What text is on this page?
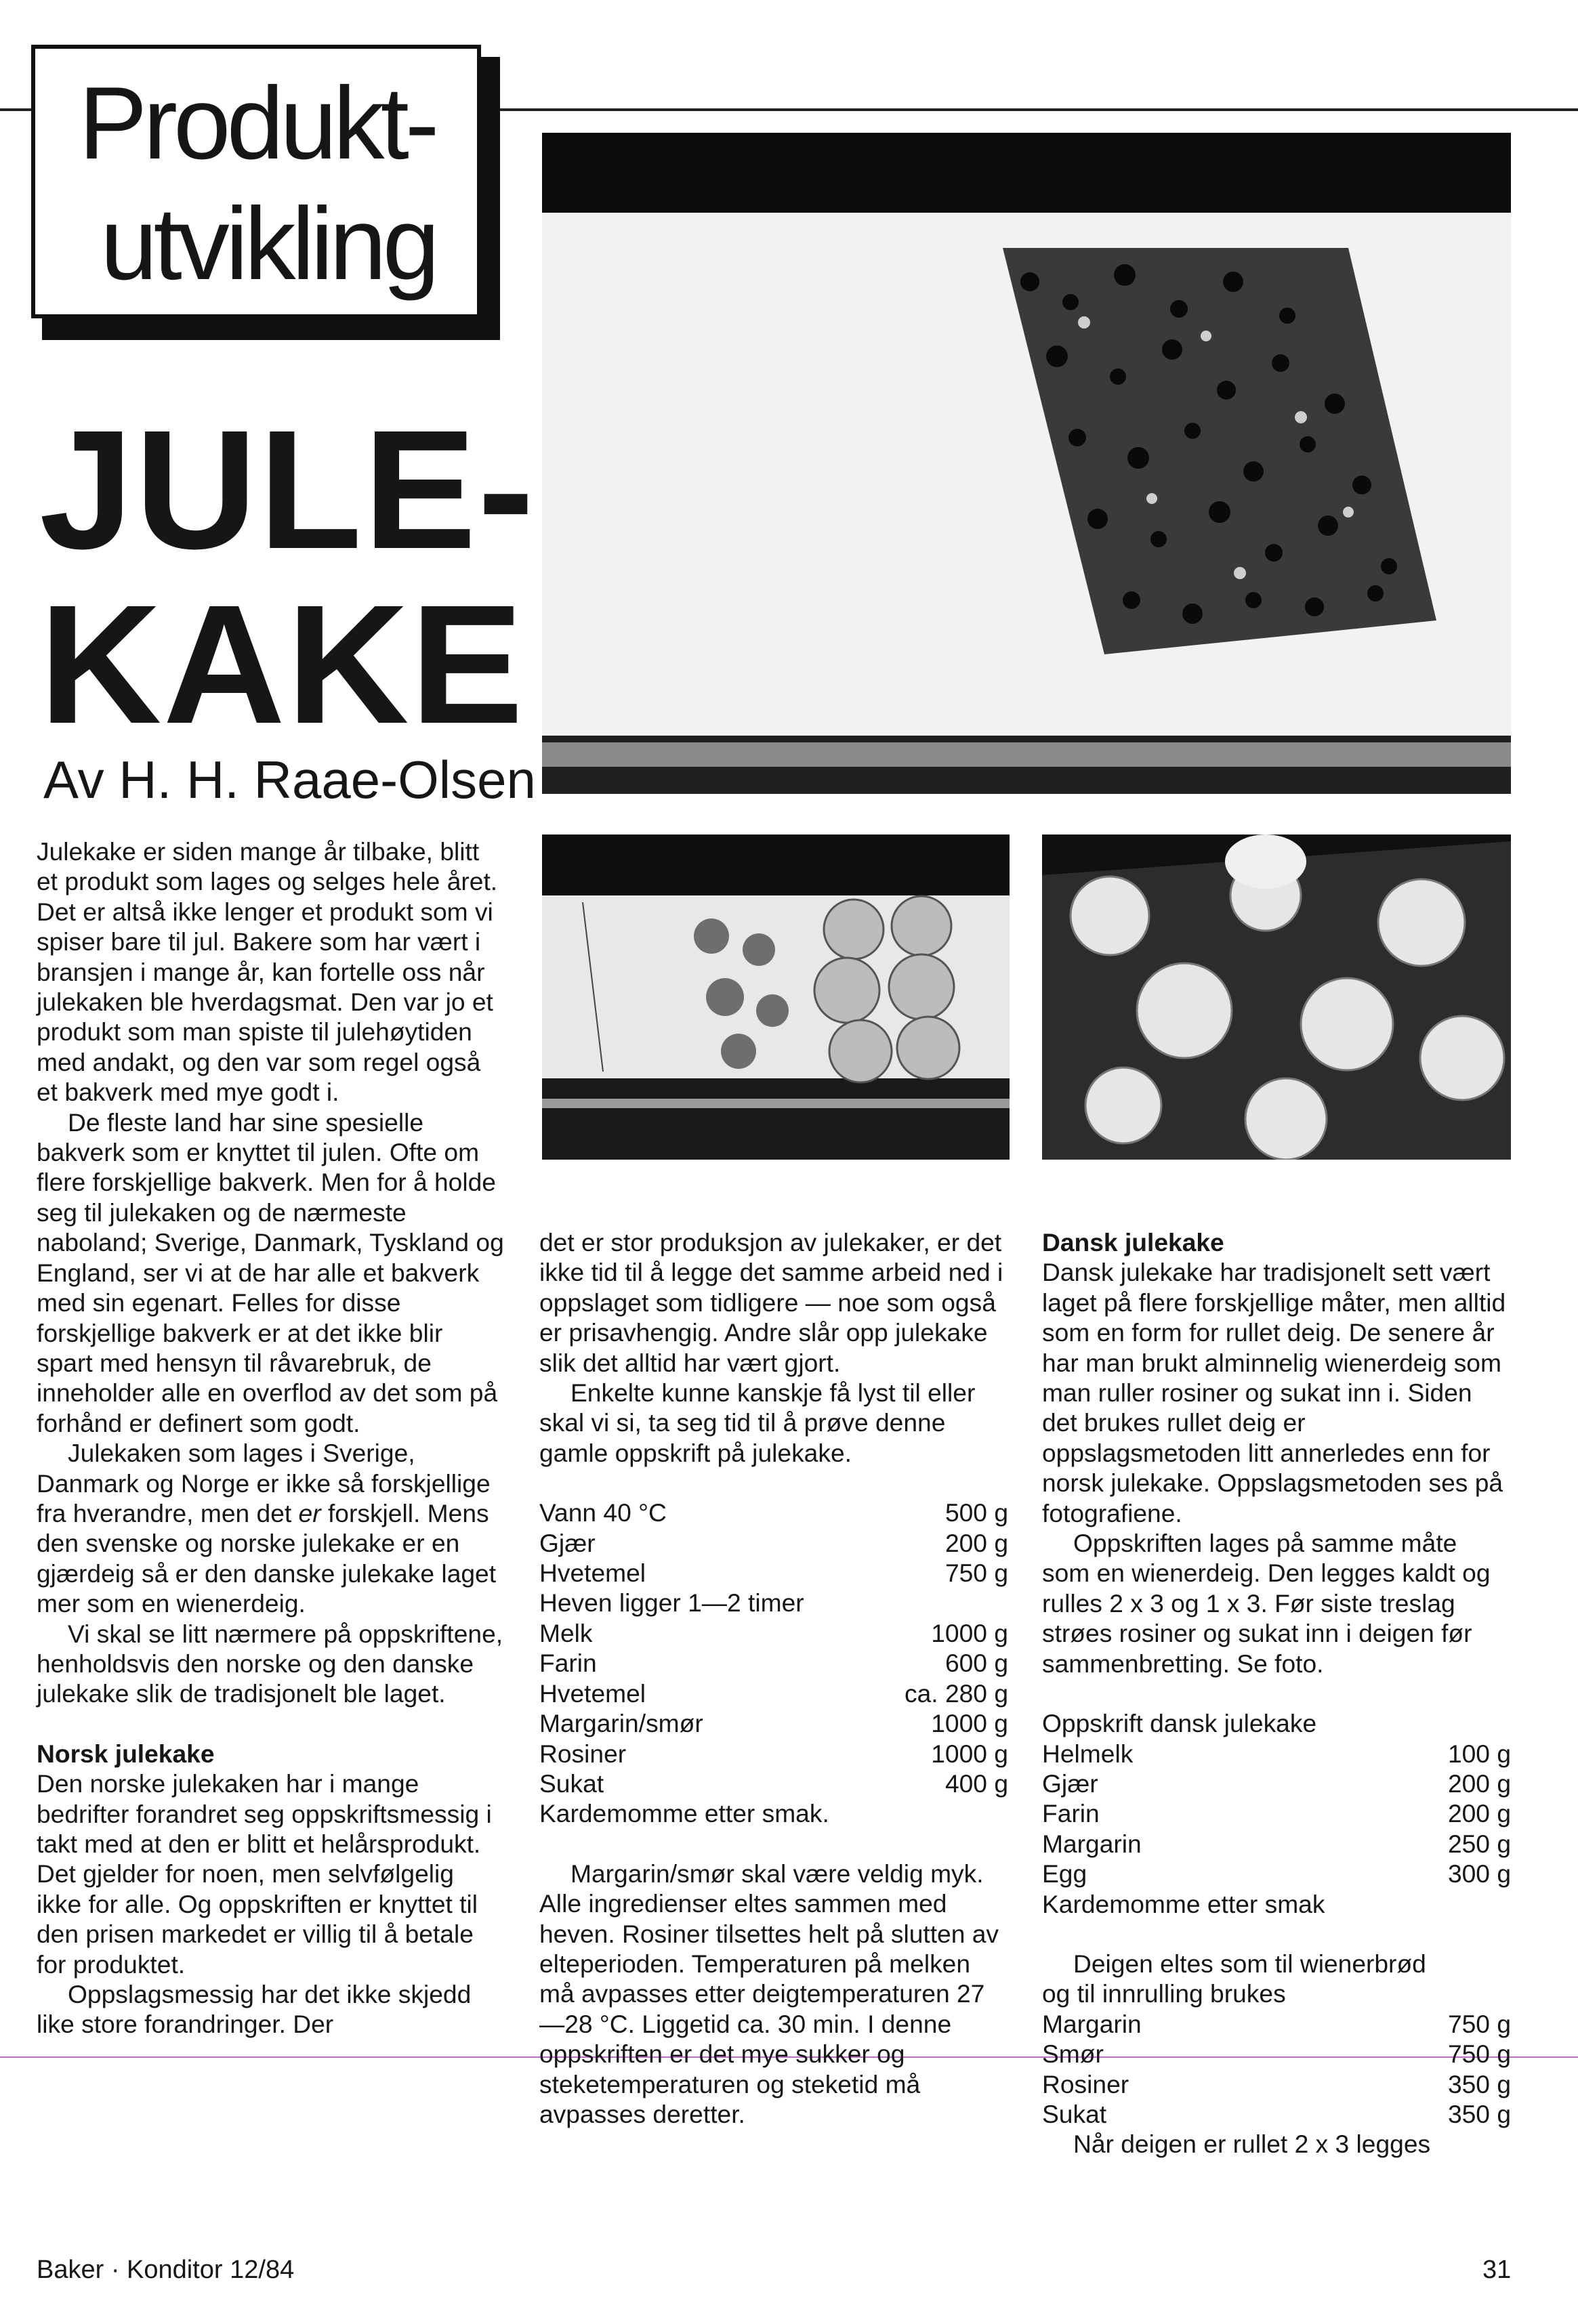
Produkt-
utvikling
JULE-
KAKE
Av H. H. Raae-Olsen

Julekake er siden mange år tilbake, blitt et produkt som lages og selges hele året. Det er altså ikke lenger et produkt som vi spiser bare til jul. Bakere som har vært i bransjen i mange år, kan fortelle oss når julekaken ble hverdagsmat. Den var jo et produkt som man spiste til julehøytiden med andakt, og den var som regel også et bakverk med mye godt i.

De fleste land har sine spesielle bakverk som er knyttet til julen. Ofte om flere forskjellige bakverk. Men for å holde seg til julekaken og de nærmeste naboland; Sverige, Danmark, Tyskland og England, ser vi at de har alle et bakverk med sin egenart. Felles for disse forskjellige bakverk er at det ikke blir spart med hensyn til råvarebruk, de inneholder alle en overflod av det som på forhånd er definert som godt.

Julekaken som lages i Sverige, Danmark og Norge er ikke så forskjellige fra hverandre, men det er forskjell. Mens den svenske og norske julekake er en gjærdeig så er den danske julekake laget mer som en wienerdeig.

Vi skal se litt nærmere på oppskriftene, henholdsvis den norske og den danske julekake slik de tradisjonelt ble laget.

Norsk julekake

Den norske julekaken har i mange bedrifter forandret seg oppskriftsmessig i takt med at den er blitt et helårsprodukt. Det gjelder for noen, men selvfølgelig ikke for alle. Og oppskriften er knyttet til den prisen markedet er villig til å betale for produktet.

Oppslagsmessig har det ikke skjedd like store forandringer. Der

det er stor produksjon av julekaker, er det ikke tid til å legge det samme arbeid ned i oppslaget som tidligere — noe som også er prisavhengig. Andre slår opp julekake slik det alltid har vært gjort.

Enkelte kunne kanskje få lyst til eller skal vi si, ta seg tid til å prøve denne gamle oppskrift på julekake.

Vann 40 °C	500 g
Gjær	200 g
Hvetemel	750 g
Heven ligger 1—2 timer
Melk	1000 g
Farin	600 g
Hvetemel	ca. 280 g
Margarin/smør	1000 g
Rosiner	1000 g
Sukat	400 g
Kardemomme etter smak.

Margarin/smør skal være veldig myk. Alle ingredienser eltes sammen med heven. Rosiner tilsettes helt på slutten av elteperioden. Temperaturen på melken må avpasses etter deigtemperaturen 27—28 °C. Liggetid ca. 30 min. I denne oppskriften er det mye sukker og steketemperaturen og steketid må avpasses deretter.

Dansk julekake

Dansk julekake har tradisjonelt sett vært laget på flere forskjellige måter, men alltid som en form for rullet deig. De senere år har man brukt alminnelig wienerdeig som man ruller rosiner og sukat inn i. Siden det brukes rullet deig er oppslagsmetoden litt annerledes enn for norsk julekake. Oppslagsmetoden ses på fotografiene.

Oppskriften lages på samme måte som en wienerdeig. Den legges kaldt og rulles 2 x 3 og 1 x 3. Før siste treslag strøes rosiner og sukat inn i deigen før sammenbretting. Se foto.

Oppskrift dansk julekake

Helmelk	100 g
Gjær	200 g
Farin	200 g
Margarin	250 g
Egg	300 g
Kardemomme etter smak

Deigen eltes som til wienerbrød

og til innrulling brukes

Margarin	750 g
Smør	750 g
Rosiner	350 g
Sukat	350 g

Når deigen er rullet 2 x 3 legges

Baker · Konditor 12/84	31
